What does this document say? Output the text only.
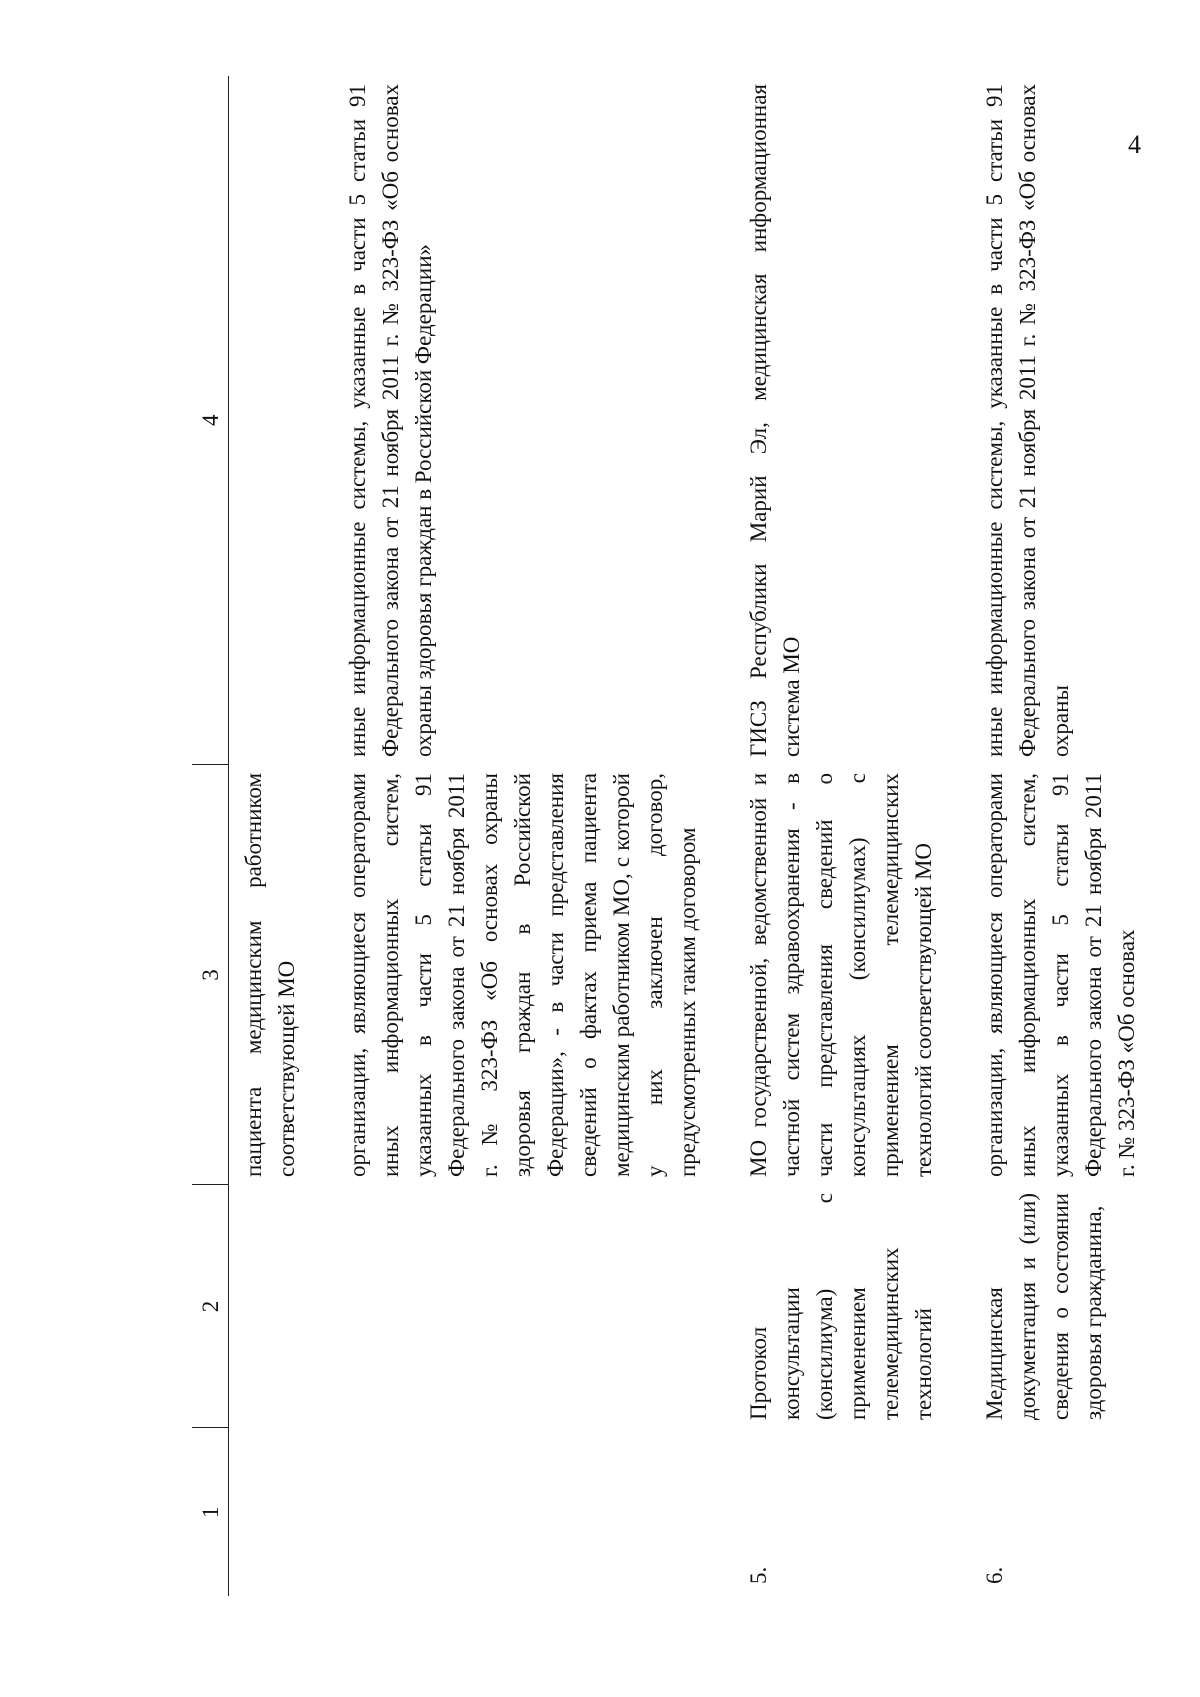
4
1	2	3	4
		пациента медицинским работником соответствующей МО	
		организации, являющиеся операторами иных информационных систем, указанных в части 5 статьи 91 Федерального закона от 21 ноября 2011 г. № 323-ФЗ «Об основах охраны здоровья граждан в Российской Федерации», - в части представления сведений о фактах приема пациента медицинским работником МО, с которой у них заключен договор, предусмотренных таким договором	иные информационные системы, указанные в части 5 статьи 91 Федерального закона от 21 ноября 2011 г. № 323-ФЗ «Об основах охраны здоровья граждан в Российской Федерации»
5.	Протокол консультации (консилиума) с применением телемедицинских технологий	МО государственной, ведомственной и частной систем здравоохранения - в части представления сведений о консультациях (консилиумах) с применением телемедицинских технологий соответствующей МО	ГИСЗ Республики Марий Эл, медицинская информационная система МО
6.	Медицинская документация и (или) сведения о состоянии здоровья гражданина,	организации, являющиеся операторами иных информационных систем, указанных в части 5 статьи 91 Федерального закона от 21 ноября 2011 г. № 323-ФЗ «Об основах	иные информационные системы, указанные в части 5 статьи 91 Федерального закона от 21 ноября 2011 г. № 323-ФЗ «Об основах охраны
